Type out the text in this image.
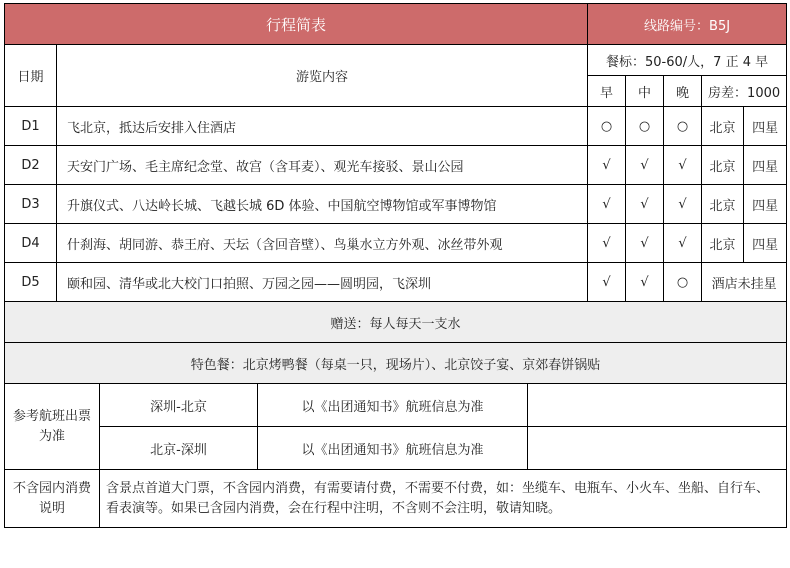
行程简表					线路编号：B5J				
日期	游览内容				餐标：50-60/人，7 正 4 早				
					早	中	晚	房差：1000	
D1	飞北京，抵达后安排入住酒店				○	○	○	北京	四星
D2	天安门广场、毛主席纪念堂、故宫（含耳麦）、观光车接驳、景山公园				√	√	√	北京	四星
D3	升旗仪式、八达岭长城、飞越长城 6D 体验、中国航空博物馆或军事博物馆				√	√	√	北京	四星
D4	什刹海、胡同游、恭王府、天坛（含回音壁）、鸟巢水立方外观、冰丝带外观				√	√	√	北京	四星
D5	颐和园、清华或北大校门口拍照、万园之园——圆明园，飞深圳				√	√	○	酒店未挂星	
赠送：每人每天一支水									
特色餐：北京烤鸭餐（每桌一只，现场片）、北京饺子宴、京郊春饼锅贴									
参考航班出票为准		深圳-北京	以《出团通知书》航班信息为准						
		北京-深圳	以《出团通知书》航班信息为准						
不含园内消费说明		含景点首道大门票，不含园内消费，有需要请付费，不需要不付费，如：坐缆车、电瓶车、小火车、坐船、自行车、看表演等。如果已含园内消费，会在行程中注明，不含则不会注明，敬请知晓。							
